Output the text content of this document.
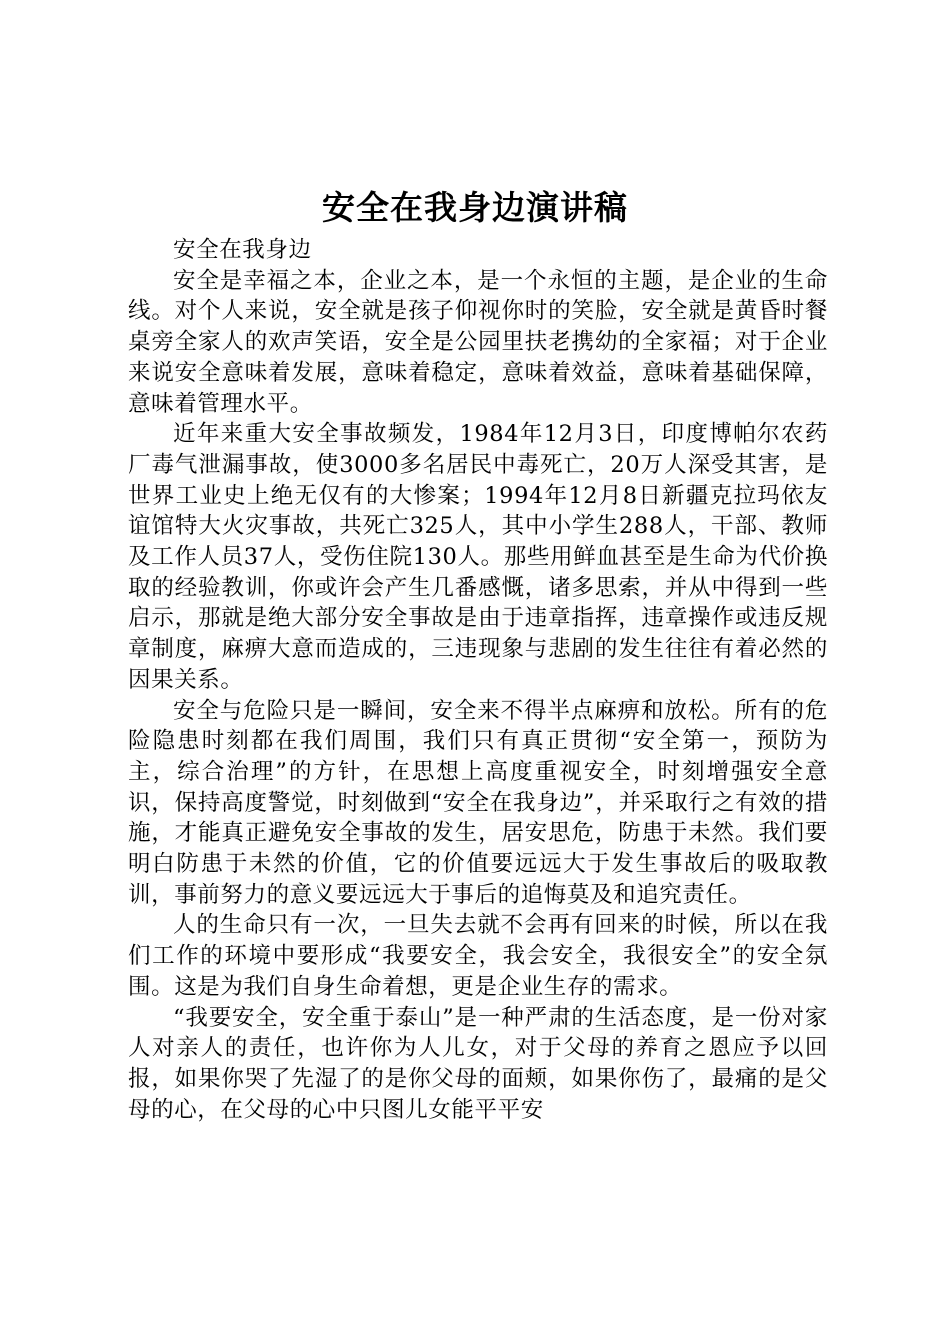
安全在我身边演讲稿

安全在我身边

安全是幸福之本，企业之本，是一个永恒的主题，是企业的生命线。对个人来说，安全就是孩子仰视你时的笑脸，安全就是黄昏时餐桌旁全家人的欢声笑语，安全是公园里扶老携幼的全家福；对于企业来说安全意味着发展，意味着稳定，意味着效益，意味着基础保障，意味着管理水平。

近年来重大安全事故频发，1984年12月3日，印度博帕尔农药厂毒气泄漏事故，使3000多名居民中毒死亡，20万人深受其害，是世界工业史上绝无仅有的大惨案；1994年12月8日新疆克拉玛依友谊馆特大火灾事故，共死亡325人，其中小学生288人，干部、教师及工作人员37人，受伤住院130人。那些用鲜血甚至是生命为代价换取的经验教训，你或许会产生几番感慨，诸多思索，并从中得到一些启示，那就是绝大部分安全事故是由于违章指挥，违章操作或违反规章制度，麻痹大意而造成的，三违现象与悲剧的发生往往有着必然的因果关系。

安全与危险只是一瞬间，安全来不得半点麻痹和放松。所有的危险隐患时刻都在我们周围，我们只有真正贯彻“安全第一，预防为主，综合治理”的方针，在思想上高度重视安全，时刻增强安全意识，保持高度警觉，时刻做到“安全在我身边”，并采取行之有效的措施，才能真正避免安全事故的发生，居安思危，防患于未然。我们要明白防患于未然的价值，它的价值要远远大于发生事故后的吸取教训，事前努力的意义要远远大于事后的追悔莫及和追究责任。

人的生命只有一次，一旦失去就不会再有回来的时候，所以在我们工作的环境中要形成“我要安全，我会安全，我很安全”的安全氛围。这是为我们自身生命着想，更是企业生存的需求。

“我要安全，安全重于泰山”是一种严肃的生活态度，是一份对家人对亲人的责任，也许你为人儿女，对于父母的养育之恩应予以回报，如果你哭了先湿了的是你父母的面颊，如果你伤了，最痛的是父母的心，在父母的心中只图儿女能平平安
